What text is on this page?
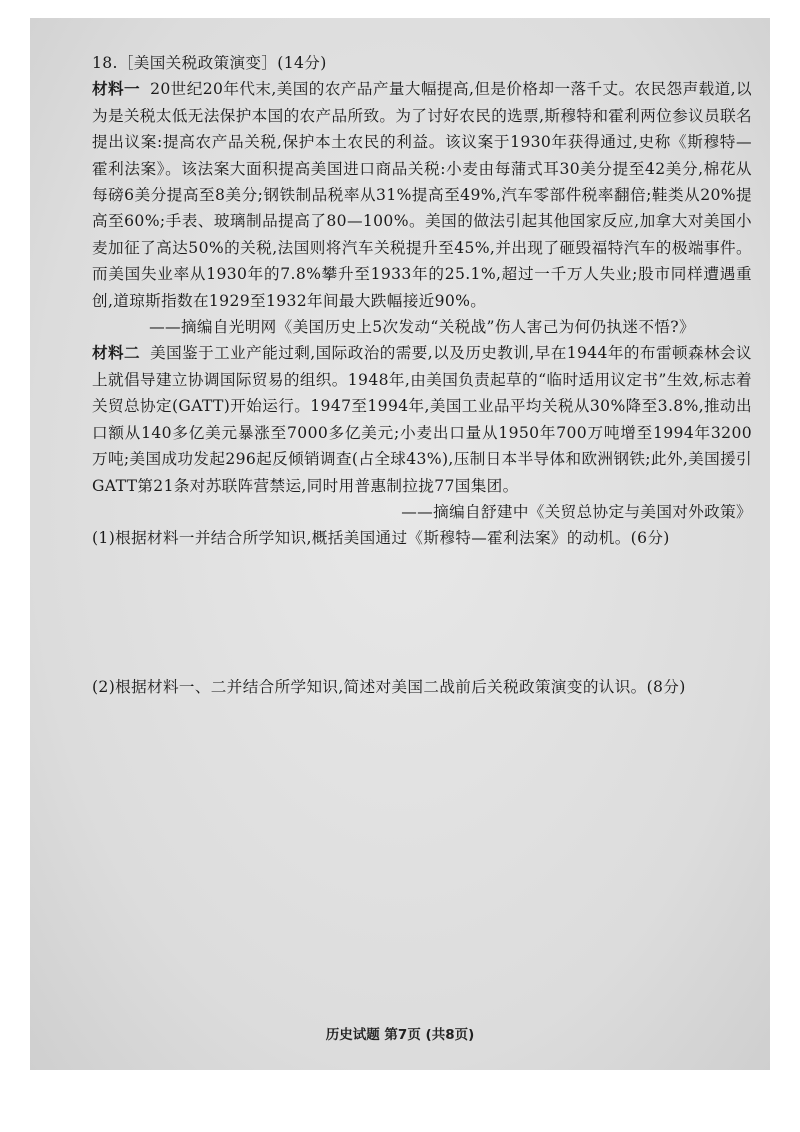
18.［美国关税政策演变］(14分)

材料一 20世纪20年代末,美国的农产品产量大幅提高,但是价格却一落千丈。农民怨声载道,以为是关税太低无法保护本国的农产品所致。为了讨好农民的选票,斯穆特和霍利两位参议员联名提出议案:提高农产品关税,保护本土农民的利益。该议案于1930年获得通过,史称《斯穆特—霍利法案》。该法案大面积提高美国进口商品关税:小麦由每蒲式耳30美分提至42美分,棉花从每磅6美分提高至8美分;钢铁制品税率从31%提高至49%,汽车零部件税率翻倍;鞋类从20%提高至60%;手表、玻璃制品提高了80—100%。美国的做法引起其他国家反应,加拿大对美国小麦加征了高达50%的关税,法国则将汽车关税提升至45%,并出现了砸毁福特汽车的极端事件。而美国失业率从1930年的7.8%攀升至1933年的25.1%,超过一千万人失业;股市同样遭遇重创,道琼斯指数在1929至1932年间最大跌幅接近90%。

——摘编自光明网《美国历史上5次发动“关税战”伤人害己为何仍执迷不悟?》

材料二 美国鉴于工业产能过剩,国际政治的需要,以及历史教训,早在1944年的布雷顿森林会议上就倡导建立协调国际贸易的组织。1948年,由美国负责起草的“临时适用议定书”生效,标志着关贸总协定(GATT)开始运行。1947至1994年,美国工业品平均关税从30%降至3.8%,推动出口额从140多亿美元暴涨至7000多亿美元;小麦出口量从1950年700万吨增至1994年3200万吨;美国成功发起296起反倾销调查(占全球43%),压制日本半导体和欧洲钢铁;此外,美国援引GATT第21条对苏联阵营禁运,同时用普惠制拉拢77国集团。

——摘编自舒建中《关贸总协定与美国对外政策》

(1)根据材料一并结合所学知识,概括美国通过《斯穆特—霍利法案》的动机。(6分)

(2)根据材料一、二并结合所学知识,简述对美国二战前后关税政策演变的认识。(8分)

历史试题 第7页 (共8页)
